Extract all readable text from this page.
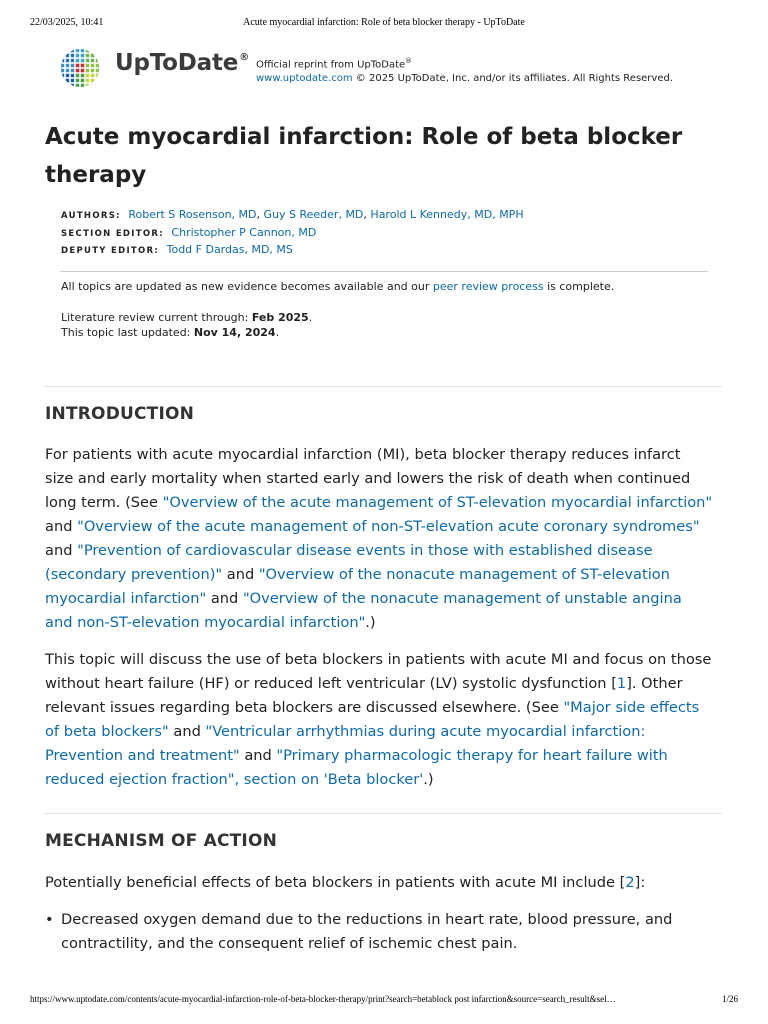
22/03/2025, 10:41	Acute myocardial infarction: Role of beta blocker therapy - UpToDate
UpToDate®
Official reprint from UpToDate®
www.uptodate.com © 2025 UpToDate, Inc. and/or its affiliates. All Rights Reserved.
Acute myocardial infarction: Role of beta blocker therapy
AUTHORS: Robert S Rosenson, MD, Guy S Reeder, MD, Harold L Kennedy, MD, MPH
SECTION EDITOR: Christopher P Cannon, MD
DEPUTY EDITOR: Todd F Dardas, MD, MS
All topics are updated as new evidence becomes available and our peer review process is complete.
Literature review current through: Feb 2025.
This topic last updated: Nov 14, 2024.
INTRODUCTION

For patients with acute myocardial infarction (MI), beta blocker therapy reduces infarct size and early mortality when started early and lowers the risk of death when continued long term. (See "Overview of the acute management of ST-elevation myocardial infarction" and "Overview of the acute management of non-ST-elevation acute coronary syndromes" and "Prevention of cardiovascular disease events in those with established disease (secondary prevention)" and "Overview of the nonacute management of ST-elevation myocardial infarction" and "Overview of the nonacute management of unstable angina and non-ST-elevation myocardial infarction".)

This topic will discuss the use of beta blockers in patients with acute MI and focus on those without heart failure (HF) or reduced left ventricular (LV) systolic dysfunction [1]. Other relevant issues regarding beta blockers are discussed elsewhere. (See "Major side effects of beta blockers" and "Ventricular arrhythmias during acute myocardial infarction: Prevention and treatment" and "Primary pharmacologic therapy for heart failure with reduced ejection fraction", section on 'Beta blocker'.)

MECHANISM OF ACTION

Potentially beneficial effects of beta blockers in patients with acute MI include [2]:

• Decreased oxygen demand due to the reductions in heart rate, blood pressure, and contractility, and the consequent relief of ischemic chest pain.
https://www.uptodate.com/contents/acute-myocardial-infarction-role-of-beta-blocker-therapy/print?search=betablock post infarction&source=search_result&sel…	1/26
